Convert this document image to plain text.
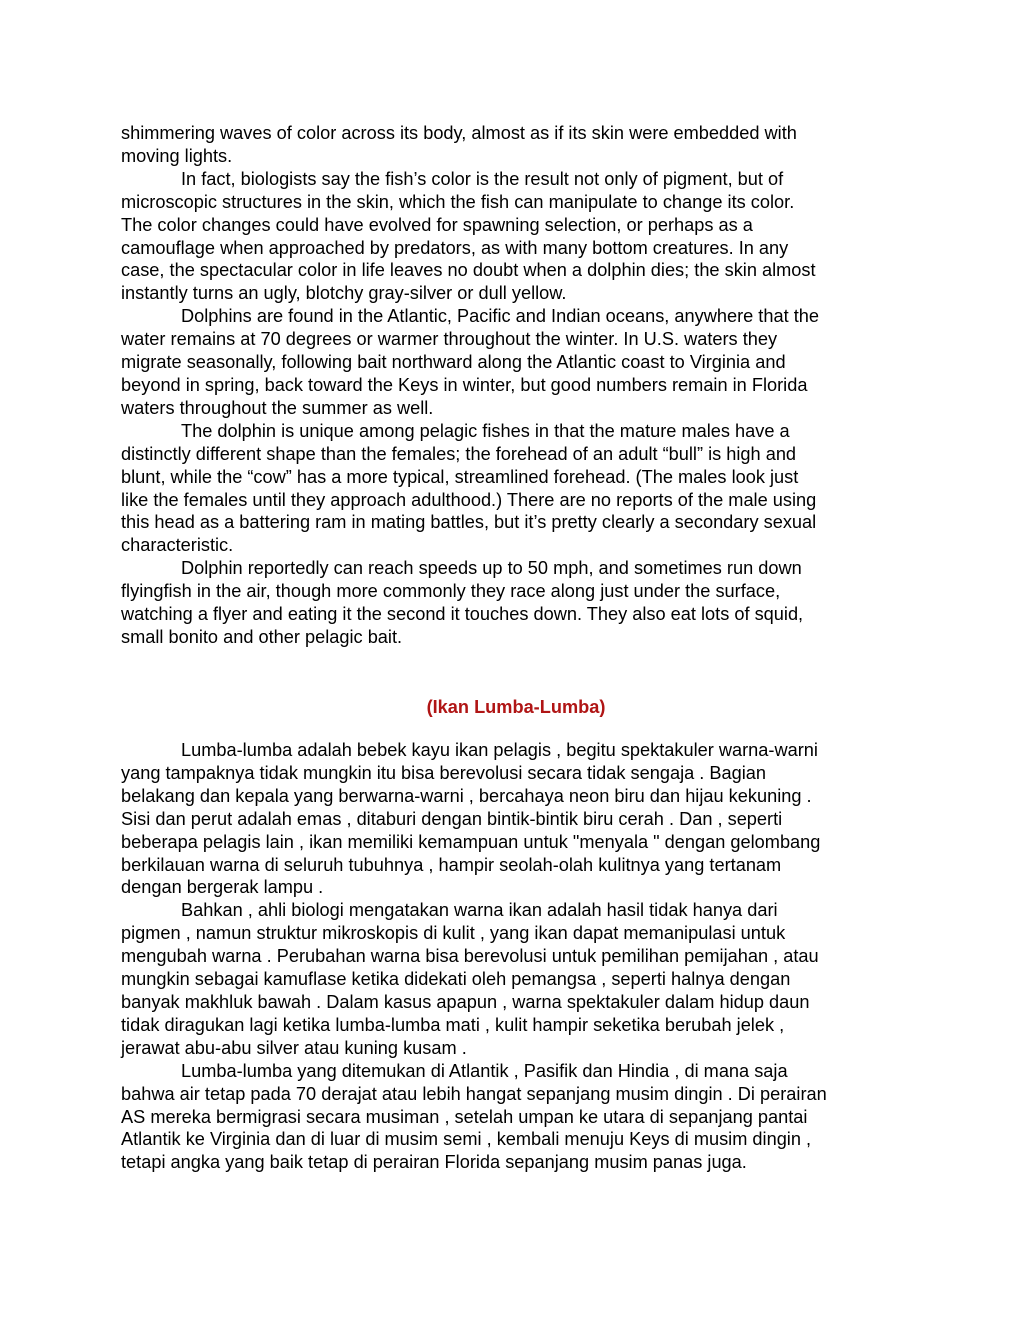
shimmering waves of color across its body, almost as if its skin were embedded with
moving lights.

In fact, biologists say the fish’s color is the result not only of pigment, but of
microscopic structures in the skin, which the fish can manipulate to change its color.
The color changes could have evolved for spawning selection, or perhaps as a
camouflage when approached by predators, as with many bottom creatures. In any
case, the spectacular color in life leaves no doubt when a dolphin dies; the skin almost
instantly turns an ugly, blotchy gray-silver or dull yellow.

Dolphins are found in the Atlantic, Pacific and Indian oceans, anywhere that the
water remains at 70 degrees or warmer throughout the winter. In U.S. waters they
migrate seasonally, following bait northward along the Atlantic coast to Virginia and
beyond in spring, back toward the Keys in winter, but good numbers remain in Florida
waters throughout the summer as well.

The dolphin is unique among pelagic fishes in that the mature males have a
distinctly different shape than the females; the forehead of an adult “bull” is high and
blunt, while the “cow” has a more typical, streamlined forehead. (The males look just
like the females until they approach adulthood.) There are no reports of the male using
this head as a battering ram in mating battles, but it’s pretty clearly a secondary sexual
characteristic.

Dolphin reportedly can reach speeds up to 50 mph, and sometimes run down
flyingfish in the air, though more commonly they race along just under the surface,
watching a flyer and eating it the second it touches down. They also eat lots of squid,
small bonito and other pelagic bait.

(Ikan Lumba-Lumba)

Lumba-lumba adalah bebek kayu ikan pelagis , begitu spektakuler warna-warni
yang tampaknya tidak mungkin itu bisa berevolusi secara tidak sengaja . Bagian
belakang dan kepala yang berwarna-warni , bercahaya neon biru dan hijau kekuning .
Sisi dan perut adalah emas , ditaburi dengan bintik-bintik biru cerah . Dan , seperti
beberapa pelagis lain , ikan memiliki kemampuan untuk "menyala " dengan gelombang
berkilauan warna di seluruh tubuhnya , hampir seolah-olah kulitnya yang tertanam
dengan bergerak lampu .

Bahkan , ahli biologi mengatakan warna ikan adalah hasil tidak hanya dari
pigmen , namun struktur mikroskopis di kulit , yang ikan dapat memanipulasi untuk
mengubah warna . Perubahan warna bisa berevolusi untuk pemilihan pemijahan , atau
mungkin sebagai kamuflase ketika didekati oleh pemangsa , seperti halnya dengan
banyak makhluk bawah . Dalam kasus apapun , warna spektakuler dalam hidup daun
tidak diragukan lagi ketika lumba-lumba mati , kulit hampir seketika berubah jelek ,
jerawat abu-abu silver atau kuning kusam .

Lumba-lumba yang ditemukan di Atlantik , Pasifik dan Hindia , di mana saja
bahwa air tetap pada 70 derajat atau lebih hangat sepanjang musim dingin . Di perairan
AS mereka bermigrasi secara musiman , setelah umpan ke utara di sepanjang pantai
Atlantik ke Virginia dan di luar di musim semi , kembali menuju Keys di musim dingin ,
tetapi angka yang baik tetap di perairan Florida sepanjang musim panas juga.
